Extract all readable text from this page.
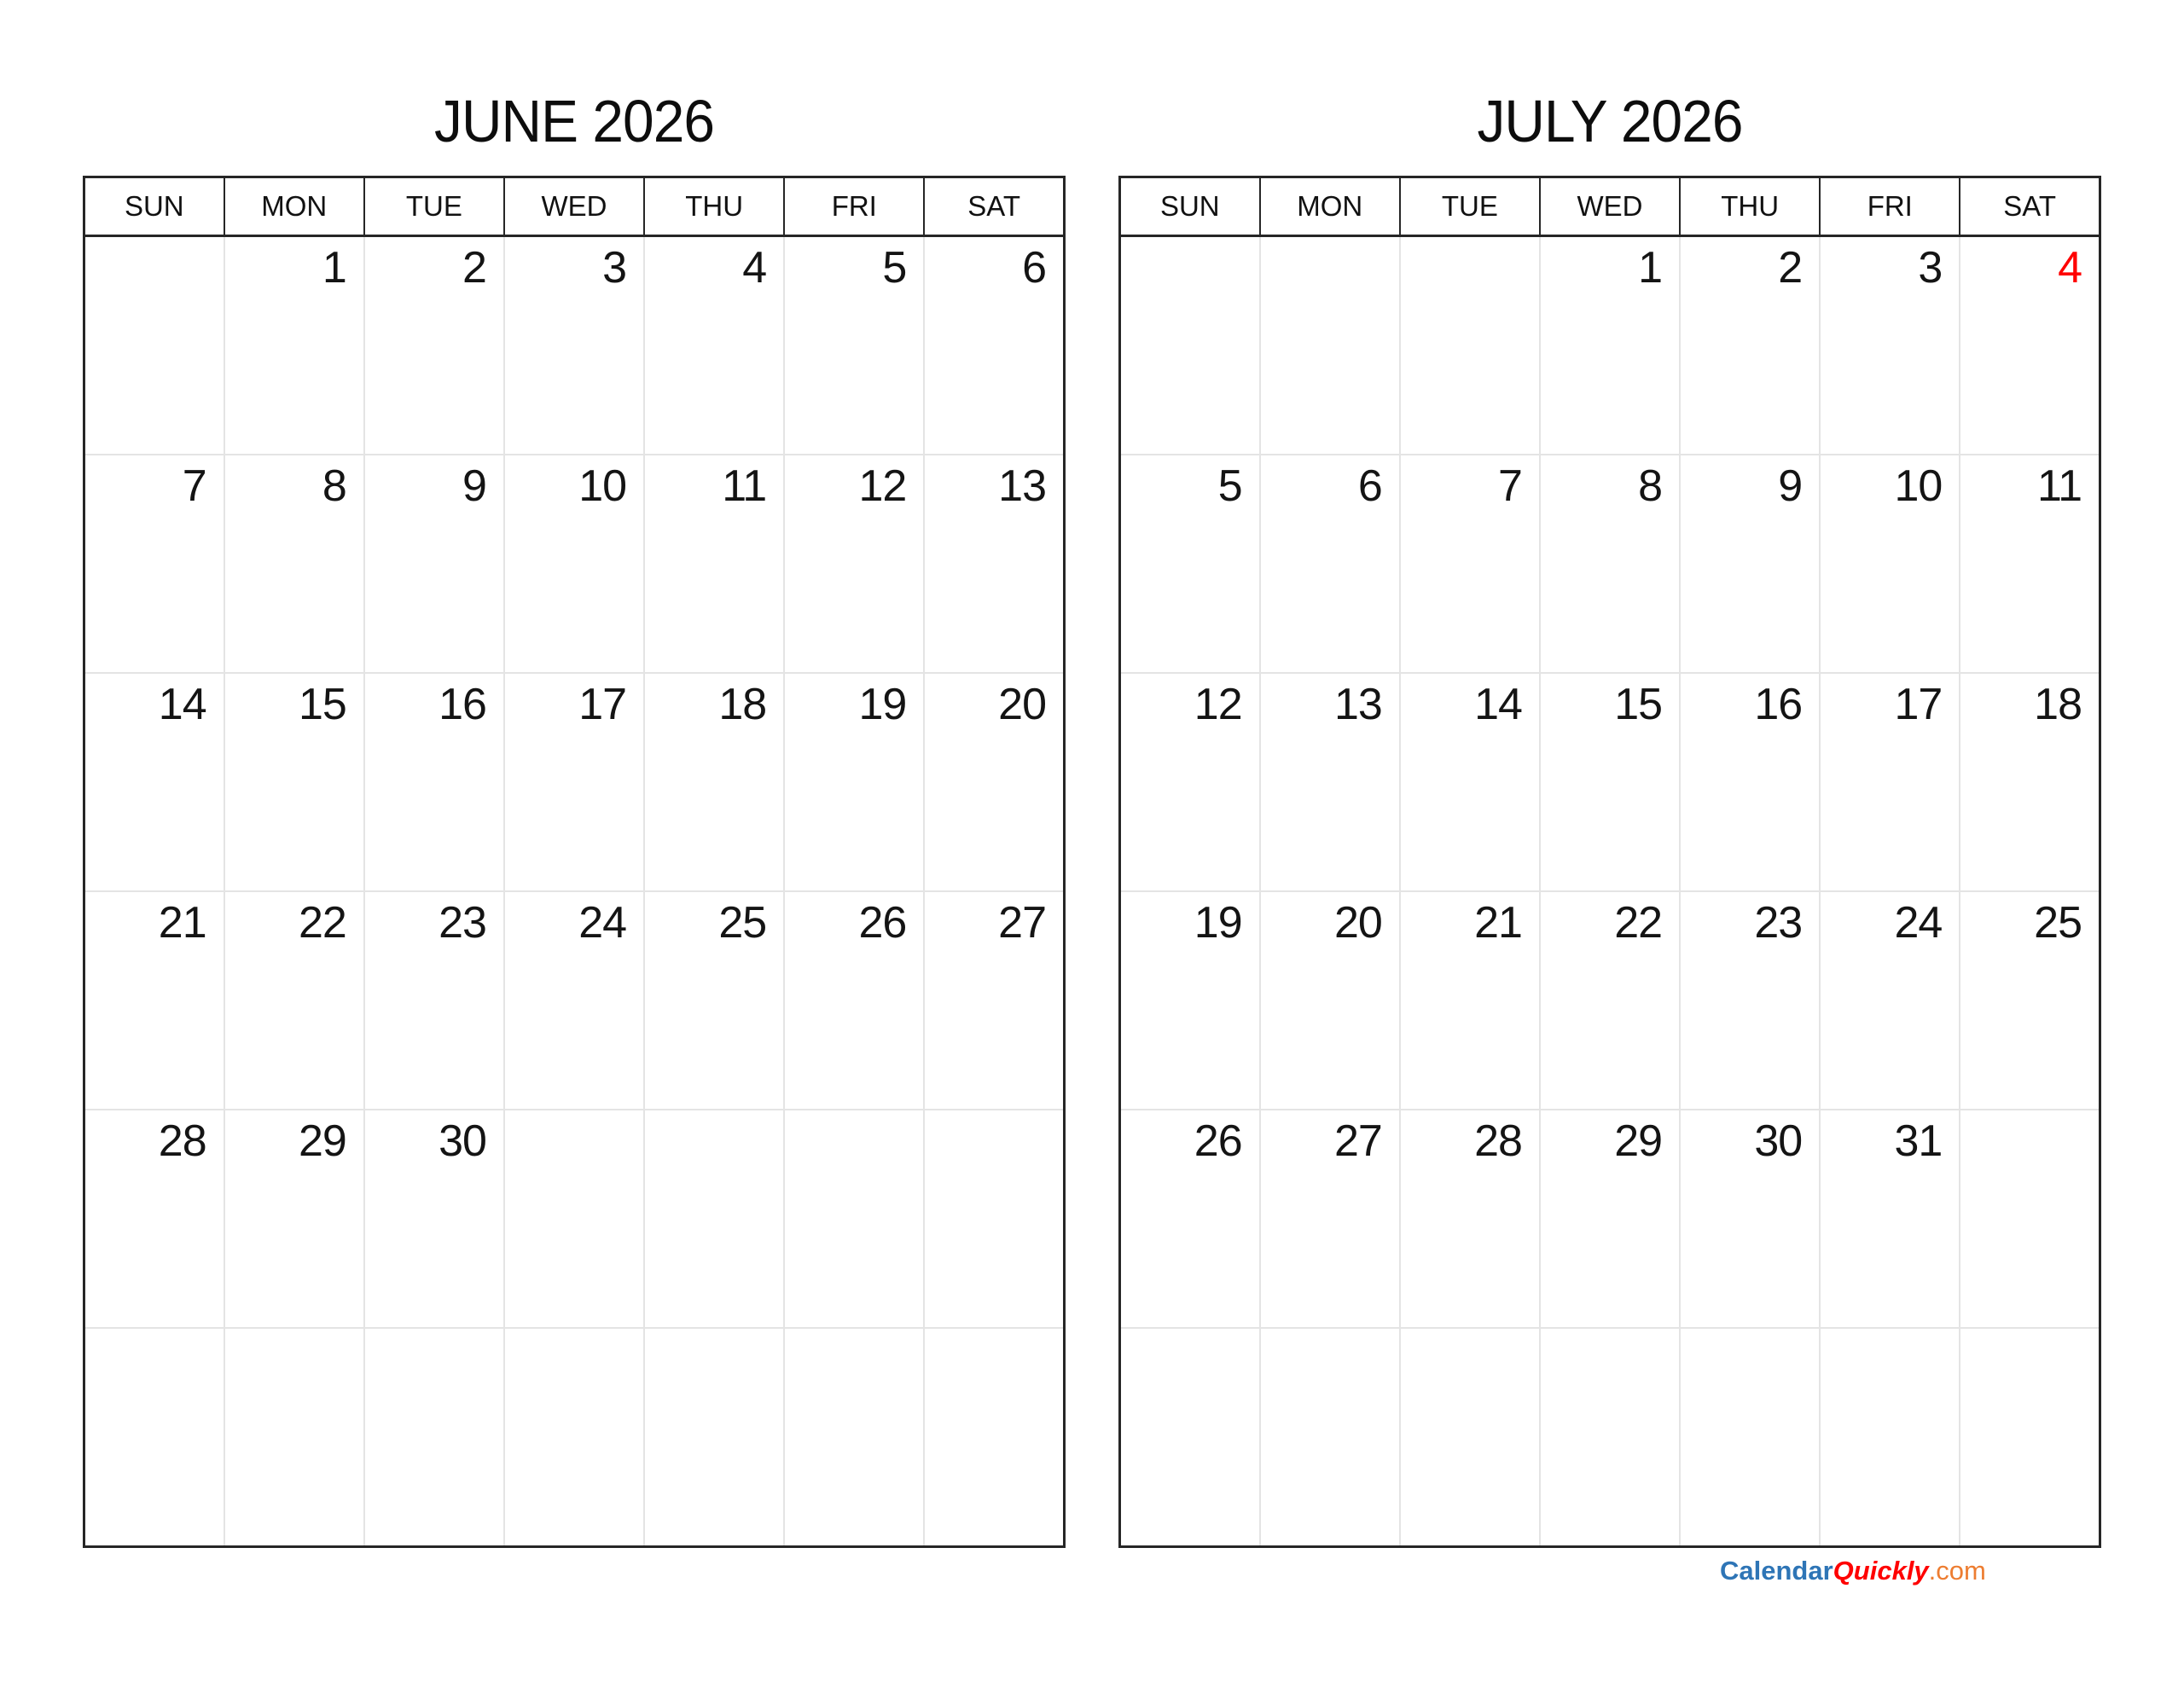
JUNE 2026
SUN	MON	TUE	WED	THU	FRI	SAT
	1	2	3	4	5	6
7	8	9	10	11	12	13
14	15	16	17	18	19	20
21	22	23	24	25	26	27
28	29	30				

JULY 2026
SUN	MON	TUE	WED	THU	FRI	SAT
			1	2	3	4
5	6	7	8	9	10	11
12	13	14	15	16	17	18
19	20	21	22	23	24	25
26	27	28	29	30	31	

CalendarQuickly.com
